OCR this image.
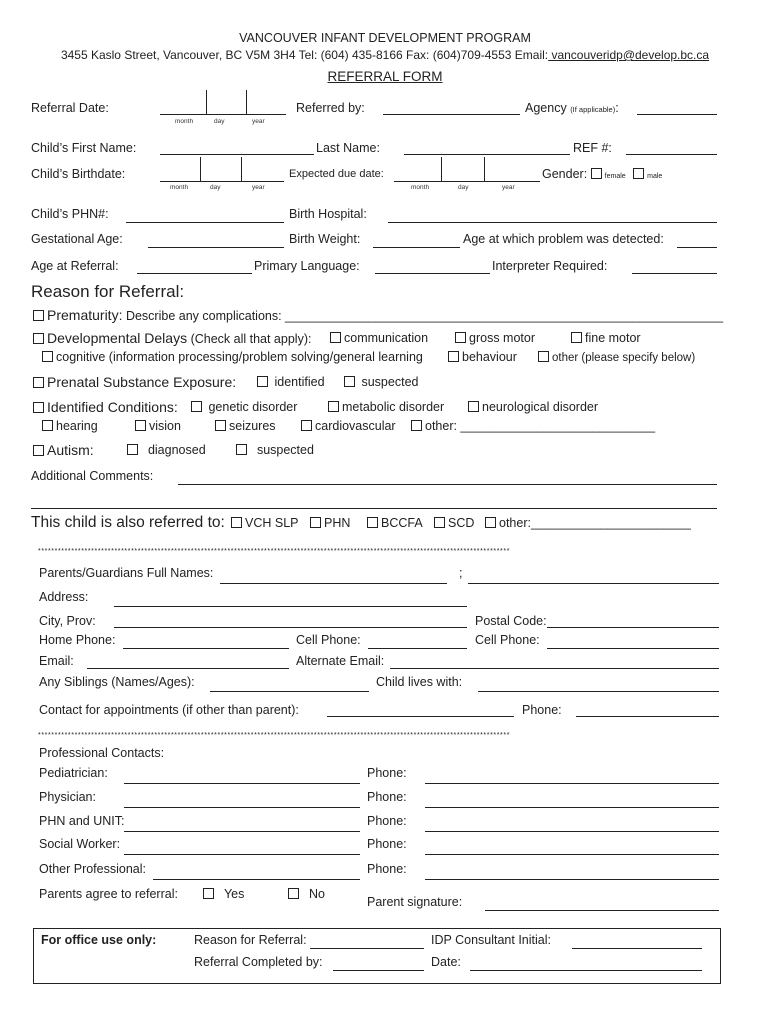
VANCOUVER INFANT DEVELOPMENT PROGRAM
3455 Kaslo Street, Vancouver, BC V5M 3H4 Tel: (604) 435-8166 Fax: (604)709-4553 Email: vancouveridp@develop.bc.ca
REFERRAL FORM
Referral Date:
month	day	year
Referred by:	Agency (If applicable):
Child’s First Name:	Last Name:	REF #:
Child’s Birthdate:
month	day	year
Expected due date:
month	day	year
Gender: female	male
Child’s PHN#:	Birth Hospital:
Gestational Age:	Birth Weight:	Age at which problem was detected:
Age at Referral:	Primary Language:	Interpreter Required:
Reason for Referral:
Prematurity: Describe any complications: _______________________________________________________________
Developmental Delays (Check all that apply):	communication	gross motor	fine motor
cognitive (information processing/problem solving/general learning	behaviour	other (please specify below)
Prenatal Substance Exposure:	identified	suspected
Identified Conditions:	genetic disorder	metabolic disorder	neurological disorder
hearing	vision	seizures	cardiovascular	other: ____________________________
Autism:	diagnosed	suspected
Additional Comments:
This child is also referred to:	VCH SLP	PHN	BCCFA	SCD	other:_______________________
**********************************************************************************************************************************************
Parents/Guardians Full Names:	;
Address:
City, Prov:	Postal Code:
Home Phone:	Cell Phone:	Cell Phone:
Email:	Alternate Email:
Any Siblings (Names/Ages):	Child lives with:
Contact for appointments (if other than parent):	Phone:
**********************************************************************************************************************************************
Professional Contacts:
Pediatrician:	Phone:
Physician:	Phone:
PHN and UNIT:	Phone:
Social Worker:	Phone:
Other Professional:	Phone:
Parents agree to referral:	Yes	No
Parent signature:
For office use only:	Reason for Referral:	IDP Consultant Initial:
Referral Completed by:	Date:
